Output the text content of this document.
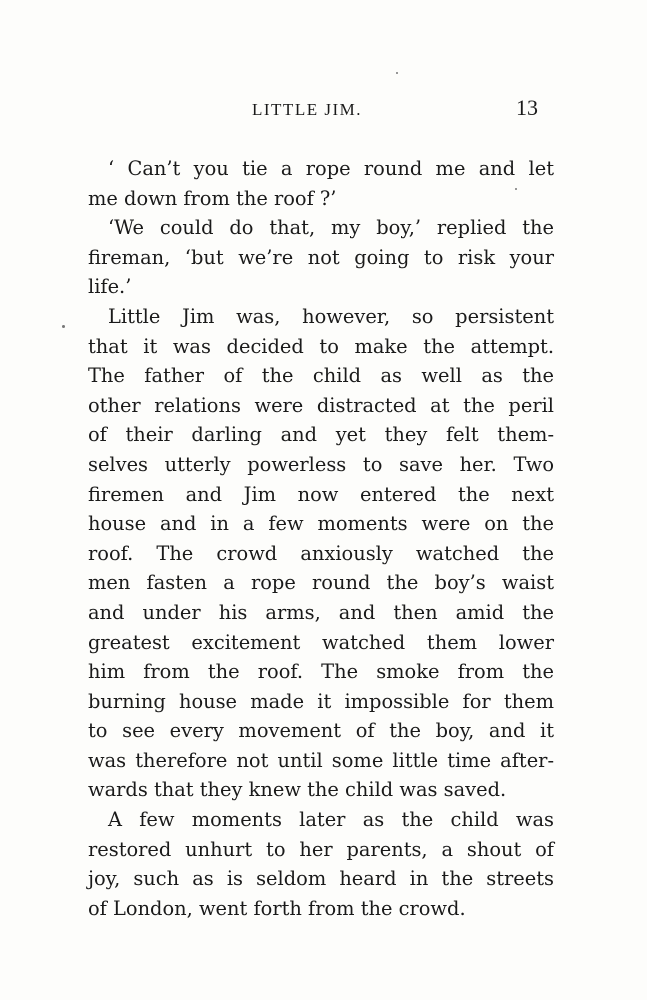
LITTLE JIM.	13
‘ Can’t you tie a rope round me and let
me down from the roof ?’
‘We could do that, my boy,’ replied the
fireman, ‘but we’re not going to risk your
life.’
Little Jim was, however, so persistent
that it was decided to make the attempt.
The father of the child as well as the
other relations were distracted at the peril
of their darling and yet they felt them-
selves utterly powerless to save her. Two
firemen and Jim now entered the next
house and in a few moments were on the
roof. The crowd anxiously watched the
men fasten a rope round the boy’s waist
and under his arms, and then amid the
greatest excitement watched them lower
him from the roof. The smoke from the
burning house made it impossible for them
to see every movement of the boy, and it
was therefore not until some little time after-
wards that they knew the child was saved.
A few moments later as the child was
restored unhurt to her parents, a shout of
joy, such as is seldom heard in the streets
of London, went forth from the crowd.
